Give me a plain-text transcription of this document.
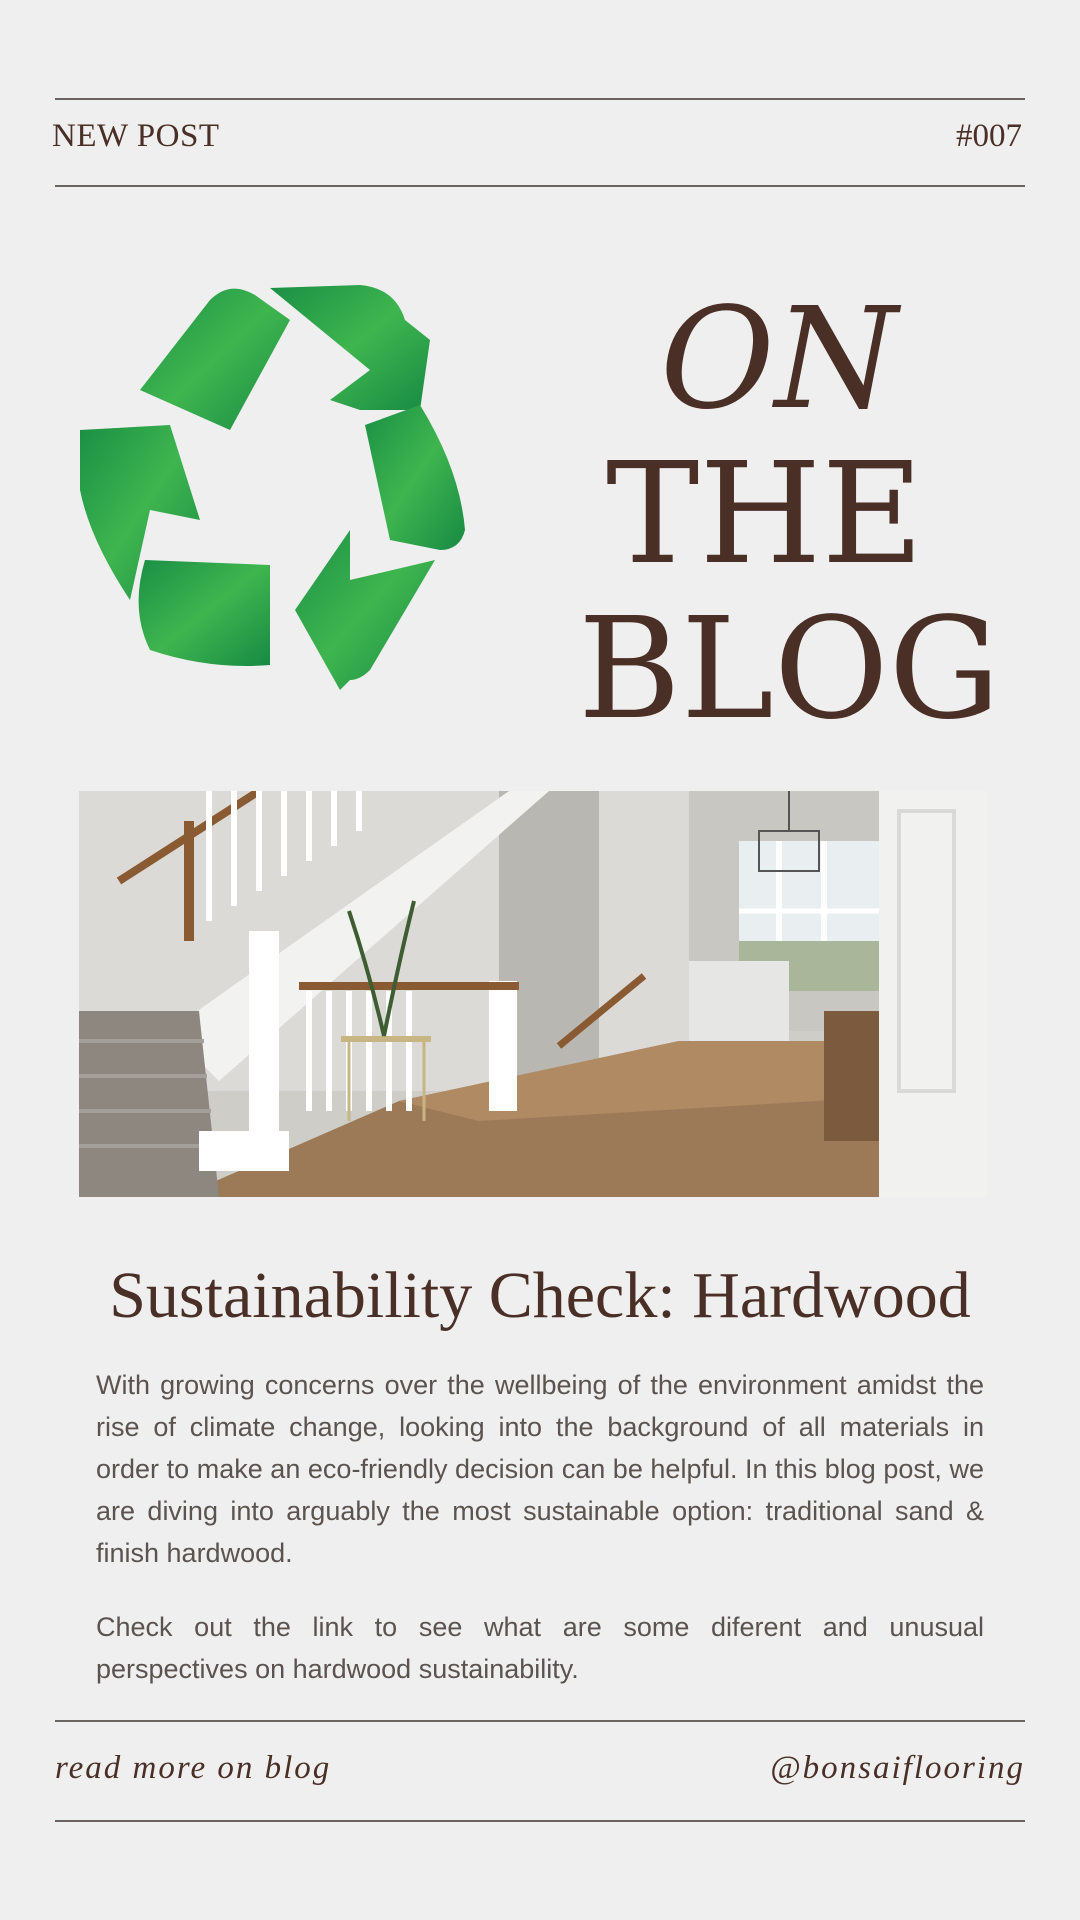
NEW POST	#007
ON
THE
BLOG
Sustainability Check: Hardwood

With growing concerns over the wellbeing of the environment amidst the rise of climate change, looking into the background of all materials in order to make an eco-friendly decision can be helpful. In this blog post, we are diving into arguably the most sustainable option: traditional sand & finish hardwood.

Check out the link to see what are some diferent and unusual perspectives on hardwood sustainability.

read more on blog	@bonsaiflooring
